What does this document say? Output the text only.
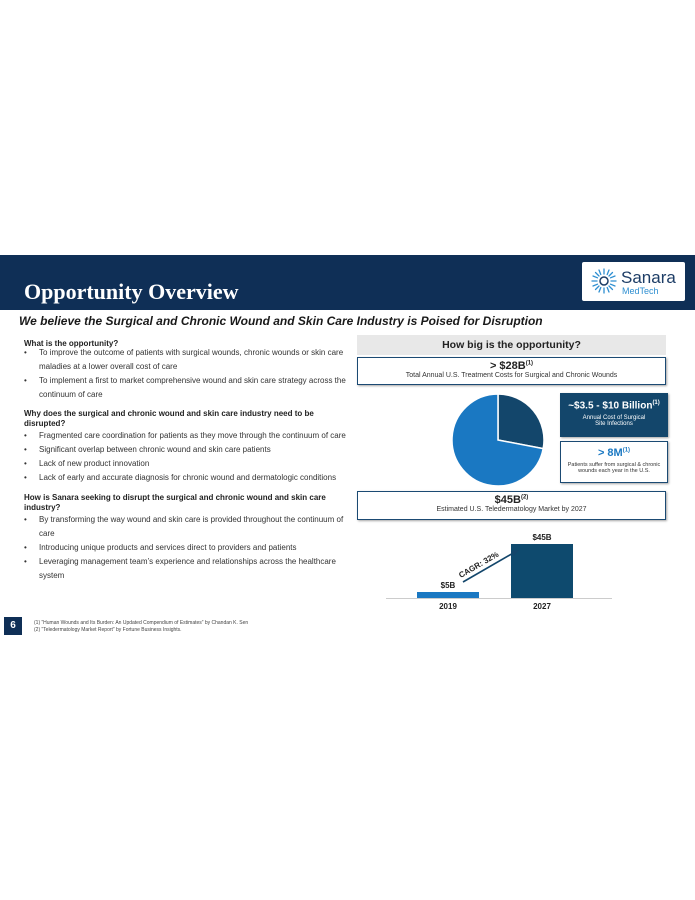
Opportunity Overview
Sanara
MedTech
We believe the Surgical and Chronic Wound and Skin Care Industry is Poised for Disruption
What is the opportunity?
• To improve the outcome of patients with surgical wounds, chronic wounds or skin care maladies at a lower overall cost of care
• To implement a first to market comprehensive wound and skin care strategy across the continuum of care
Why does the surgical and chronic wound and skin care industry need to be disrupted?
• Fragmented care coordination for patients as they move through the continuum of care
• Significant overlap between chronic wound and skin care patients
• Lack of new product innovation
• Lack of early and accurate diagnosis for chronic wound and dermatologic conditions
How is Sanara seeking to disrupt the surgical and chronic wound and skin care industry?
• By transforming the way wound and skin care is provided throughout the continuum of care
• Introducing unique products and services direct to providers and patients
• Leveraging management team’s experience and relationships across the healthcare system
How big is the opportunity?
> $\$28B^{(1)}$
Total Annual U.S. Treatment Costs for Surgical and Chronic Wounds
~$3.5 - $10 Billion$^{(1)}$
Annual Cost of Surgical
Site Infections
> $8M^{(1)}$
Patients suffer from surgical & chronic
wounds each year in the U.S.
$\$45B^{(2)}$
Estimated U.S. Teledermatology Market by 2027
$5B
2019
$45B
2027
CAGR: 32%
6	(1) “Human Wounds and Its Burden: An Updated Compendium of Estimates” by Chandan K. Sen
(2) “Teledermatology Market Report” by Fortune Business Insights.
